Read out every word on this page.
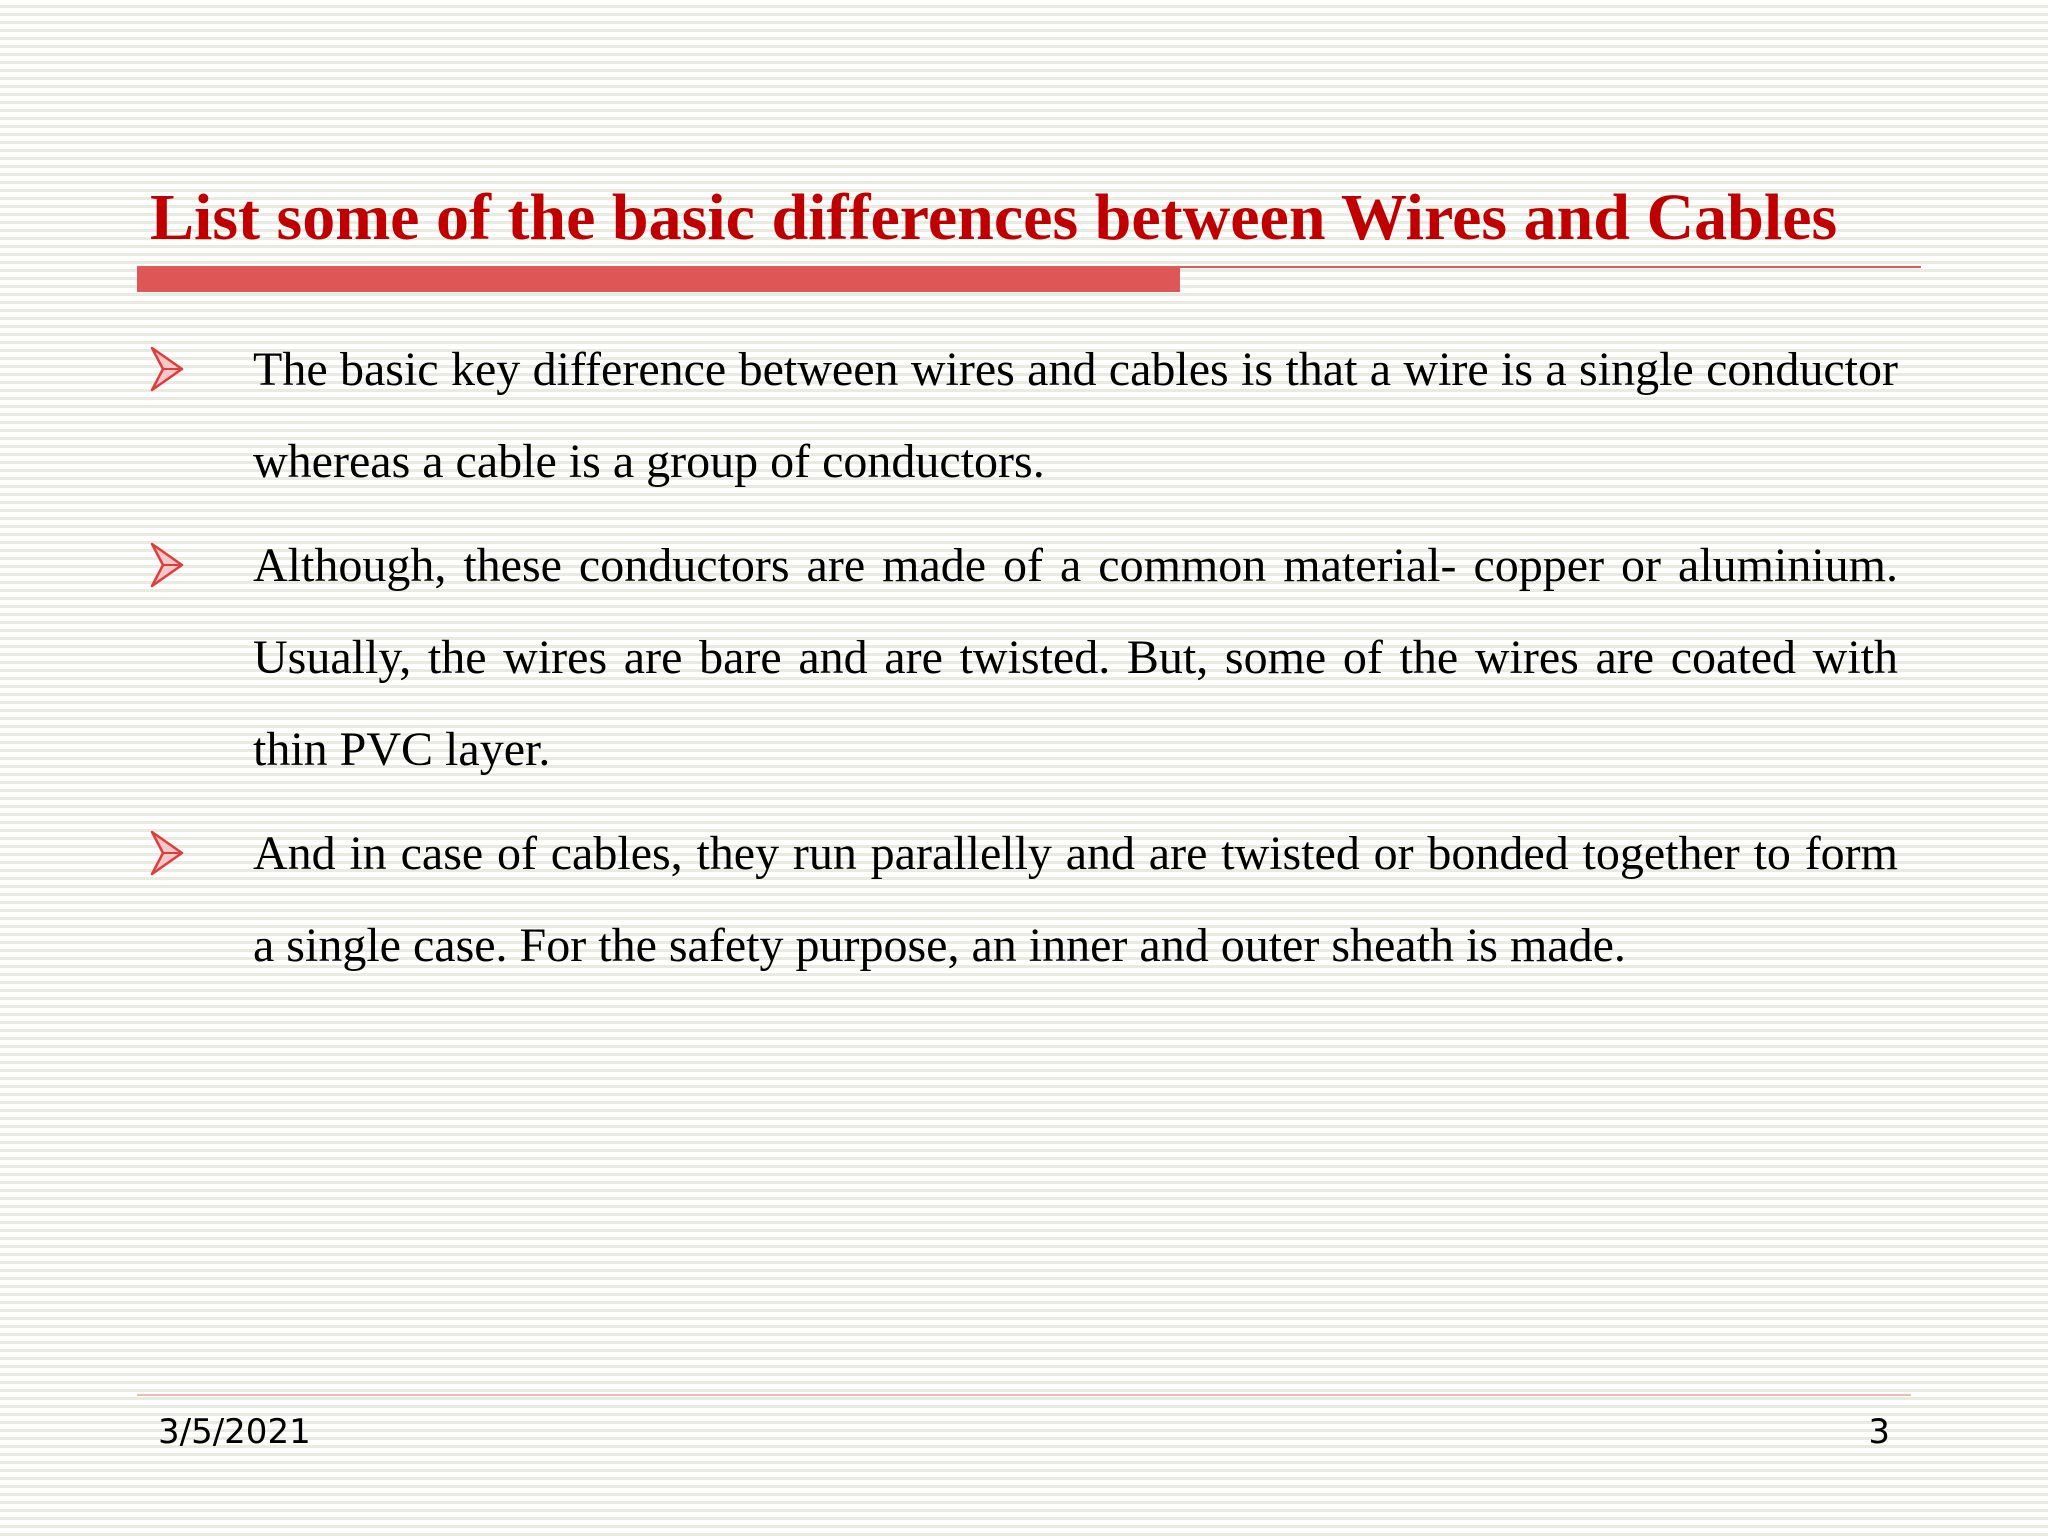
List some of the basic differences between Wires and Cables
The basic key difference between wires and cables is that a wire is a single conductor whereas a cable is a group of conductors.
Although, these conductors are made of a common material- copper or aluminium. Usually, the wires are bare and are twisted. But, some of the wires are coated with thin PVC layer.
And in case of cables, they run parallelly and are twisted or bonded together to form a single case. For the safety purpose, an inner and outer sheath is made.
3/5/2021	3
